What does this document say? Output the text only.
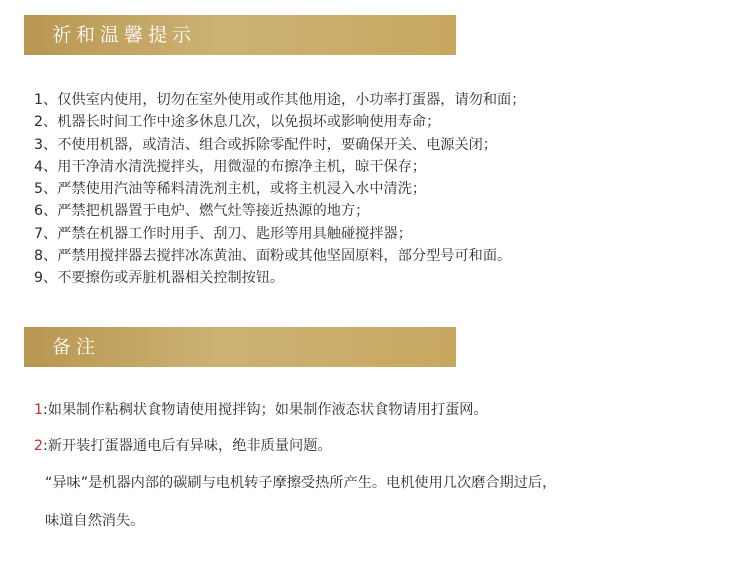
祈和温馨提示
1、仅供室内使用，切勿在室外使用或作其他用途，小功率打蛋器，请勿和面；
2、机器长时间工作中途多休息几次，以免损坏或影响使用寿命；
3、不使用机器，或清洁、组合或拆除零配件时，要确保开关、电源关闭；
4、用干净清水清洗搅拌头，用微湿的布擦净主机，晾干保存；
5、严禁使用汽油等稀料清洗剂主机，或将主机浸入水中清洗；
6、严禁把机器置于电炉、燃气灶等接近热源的地方；
7、严禁在机器工作时用手、刮刀、匙形等用具触碰搅拌器；
8、严禁用搅拌器去搅拌冰冻黄油、面粉或其他坚固原料，部分型号可和面。
9、不要擦伤或弄脏机器相关控制按钮。
备注
1:如果制作粘稠状食物请使用搅拌钩；如果制作液态状食物请用打蛋网。
2:新开装打蛋器通电后有异味，绝非质量问题。
“异味”是机器内部的碳刷与电机转子摩擦受热所产生。电机使用几次磨合期过后，
味道自然消失。
